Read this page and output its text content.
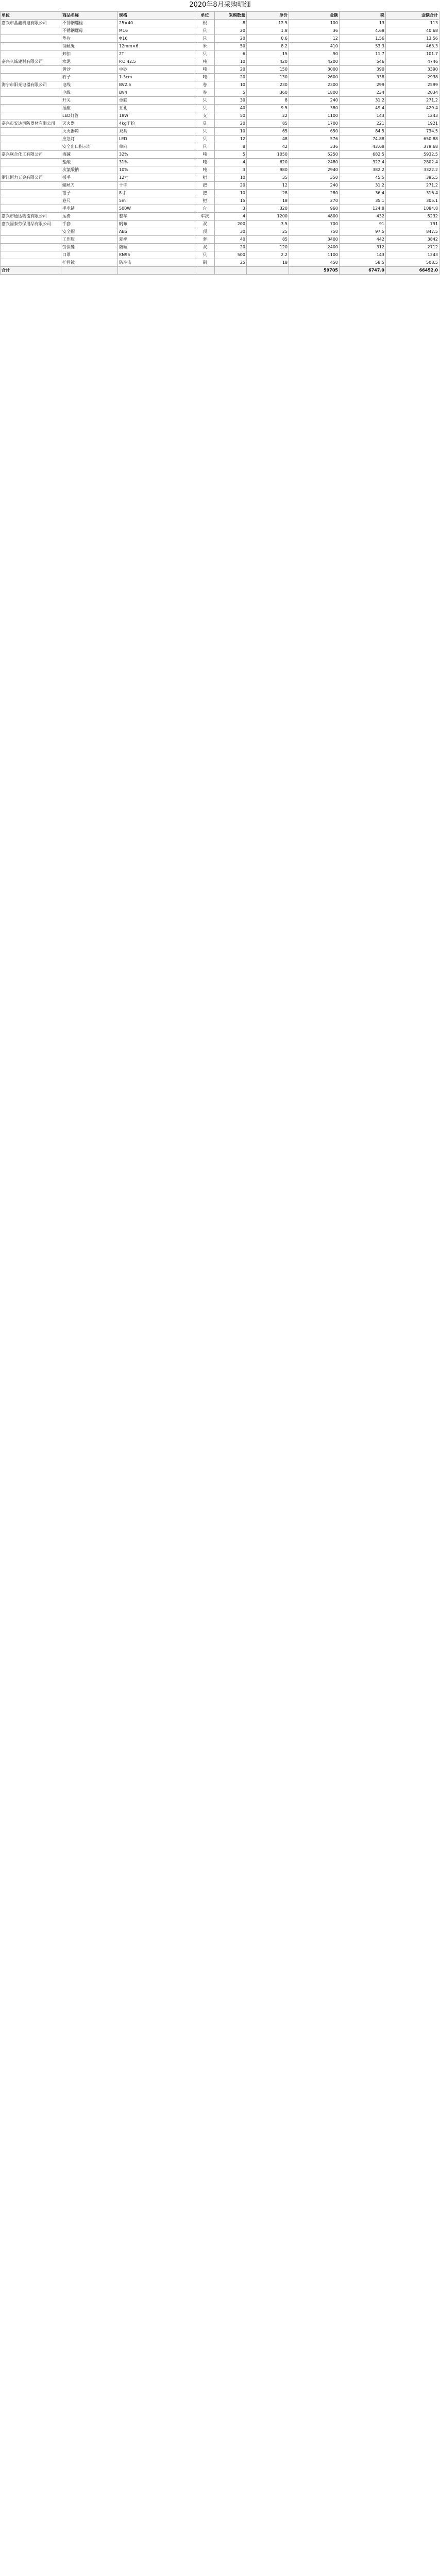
2020年8月采购明细
单位	商品名称	规格	单位	采购数量	单价	金额	税	金额合计
嘉兴市晶鑫机电有限公司	不锈钢螺栓	25×40	根	8	12.5	100	13	113
	不锈钢螺母	M16	只	20	1.8	36	4.68	40.68
	垫片	Φ16	只	20	0.6	12	1.56	13.56
	钢丝绳	12mm×6	米	50	8.2	410	53.3	463.3
	卸扣	2T	只	6	15	90	11.7	101.7
嘉兴久诚建材有限公司	水泥	P.O 42.5	吨	10	420	4200	546	4746
	黄沙	中砂	吨	20	150	3000	390	3390
	石子	1-3cm	吨	20	130	2600	338	2938
海宁市阳光电器有限公司	电线	BV2.5	卷	10	230	2300	299	2599
	电线	BV4	卷	5	360	1800	234	2034
	开关	单联	只	30	8	240	31.2	271.2
	插座	五孔	只	40	9.5	380	49.4	429.4
	LED灯管	18W	支	50	22	1100	143	1243
嘉兴市安达消防器材有限公司	灭火器	4kg干粉	具	20	85	1700	221	1921
	灭火器箱	双具	只	10	65	650	84.5	734.5
	应急灯	LED	只	12	48	576	74.88	650.88
	安全出口指示灯	单向	只	8	42	336	43.68	379.68
嘉兴联合化工有限公司	液碱	32%	吨	5	1050	5250	682.5	5932.5
	盐酸	31%	吨	4	620	2480	322.4	2802.4
	次氯酸钠	10%	吨	3	980	2940	382.2	3322.2
浙江恒力五金有限公司	扳手	12寸	把	10	35	350	45.5	395.5
	螺丝刀	十字	把	20	12	240	31.2	271.2
	钳子	8寸	把	10	28	280	36.4	316.4
	卷尺	5m	把	15	18	270	35.1	305.1
	手电钻	500W	台	3	320	960	124.8	1084.8
嘉兴市通达物流有限公司	运费	整车	车次	4	1200	4800	432	5232
嘉兴国泰劳保用品有限公司	手套	帆布	双	200	3.5	700	91	791
	安全帽	ABS	顶	30	25	750	97.5	847.5
	工作服	夏季	套	40	85	3400	442	3842
	劳保鞋	防砸	双	20	120	2400	312	2712
	口罩	KN95	只	500	2.2	1100	143	1243
	护目镜	防冲击	副	25	18	450	58.5	508.5
合计						59705	6747.0	66452.0
